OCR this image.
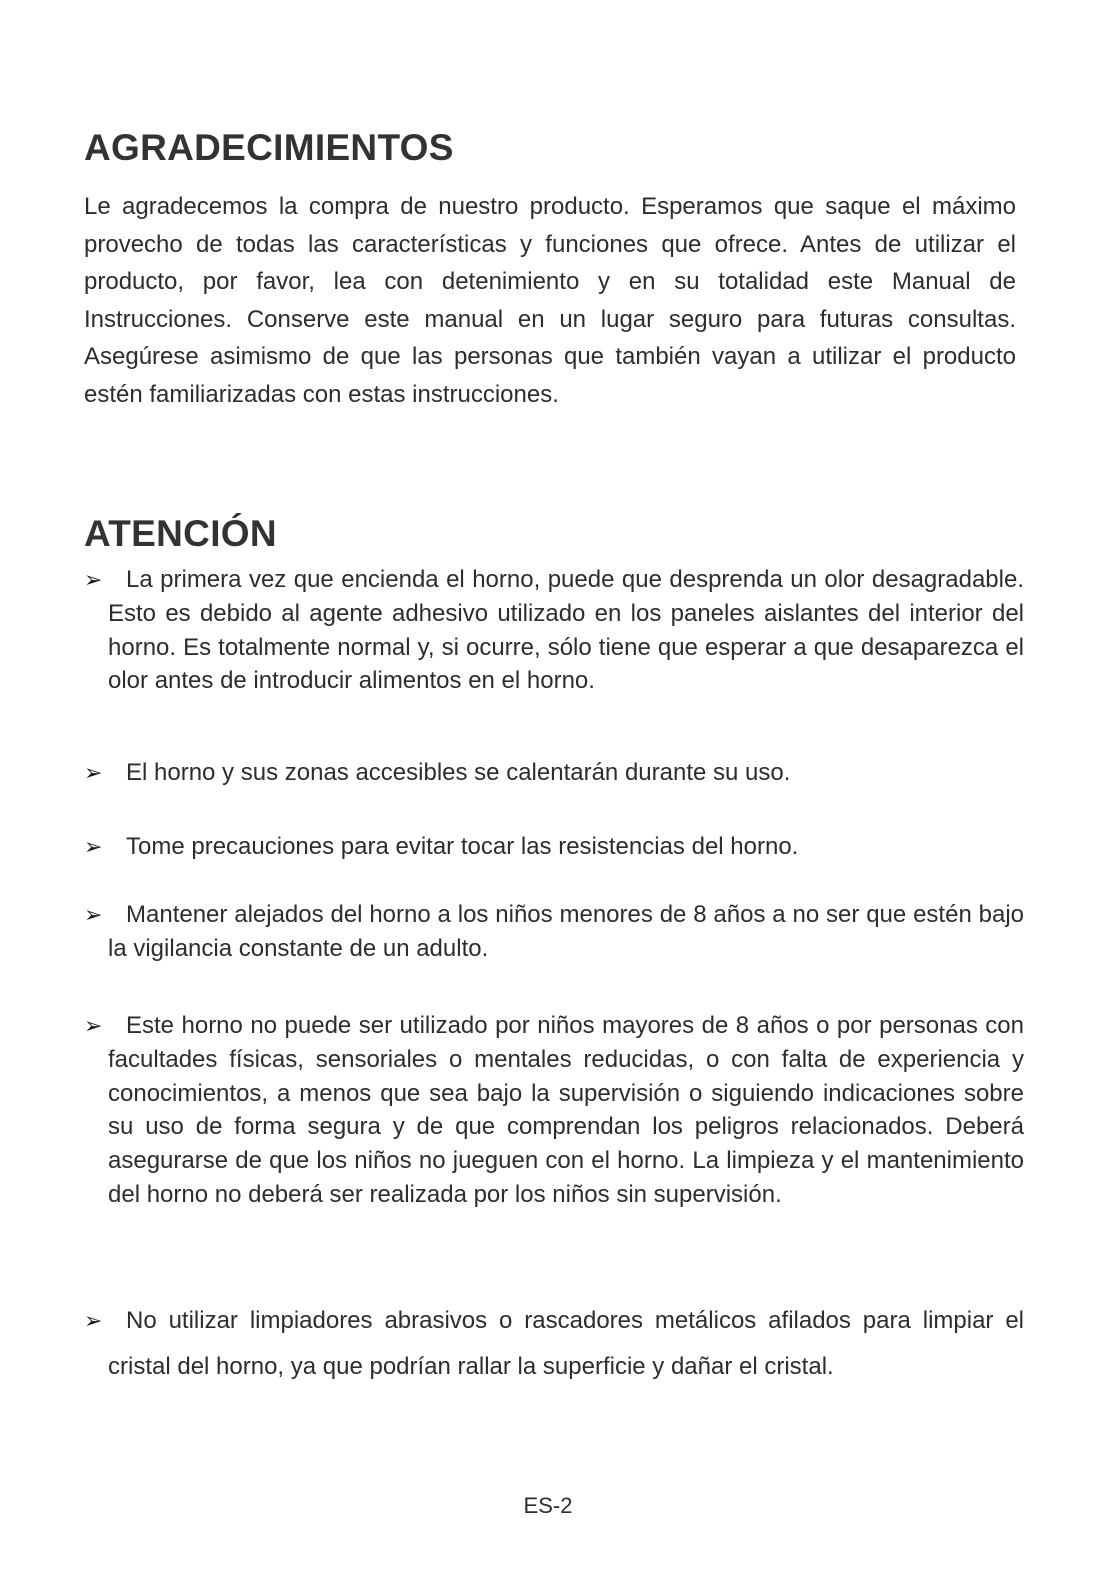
AGRADECIMIENTOS

Le agradecemos la compra de nuestro producto. Esperamos que saque el máximo provecho de todas las características y funciones que ofrece. Antes de utilizar el producto, por favor, lea con detenimiento y en su totalidad este Manual de Instrucciones. Conserve este manual en un lugar seguro para futuras consultas. Asegúrese asimismo de que las personas que también vayan a utilizar el producto estén familiarizadas con estas instrucciones.

ATENCIÓN
➢ La primera vez que encienda el horno, puede que desprenda un olor desagradable. Esto es debido al agente adhesivo utilizado en los paneles aislantes del interior del horno. Es totalmente normal y, si ocurre, sólo tiene que esperar a que desaparezca el olor antes de introducir alimentos en el horno.
➢ El horno y sus zonas accesibles se calentarán durante su uso.
➢ Tome precauciones para evitar tocar las resistencias del horno.
➢ Mantener alejados del horno a los niños menores de 8 años a no ser que estén bajo la vigilancia constante de un adulto.
➢ Este horno no puede ser utilizado por niños mayores de 8 años o por personas con facultades físicas, sensoriales o mentales reducidas, o con falta de experiencia y conocimientos, a menos que sea bajo la supervisión o siguiendo indicaciones sobre su uso de forma segura y de que comprendan los peligros relacionados. Deberá asegurarse de que los niños no jueguen con el horno. La limpieza y el mantenimiento del horno no deberá ser realizada por los niños sin supervisión.
➢ No utilizar limpiadores abrasivos o rascadores metálicos afilados para limpiar el cristal del horno, ya que podrían rallar la superficie y dañar el cristal.
ES-2
